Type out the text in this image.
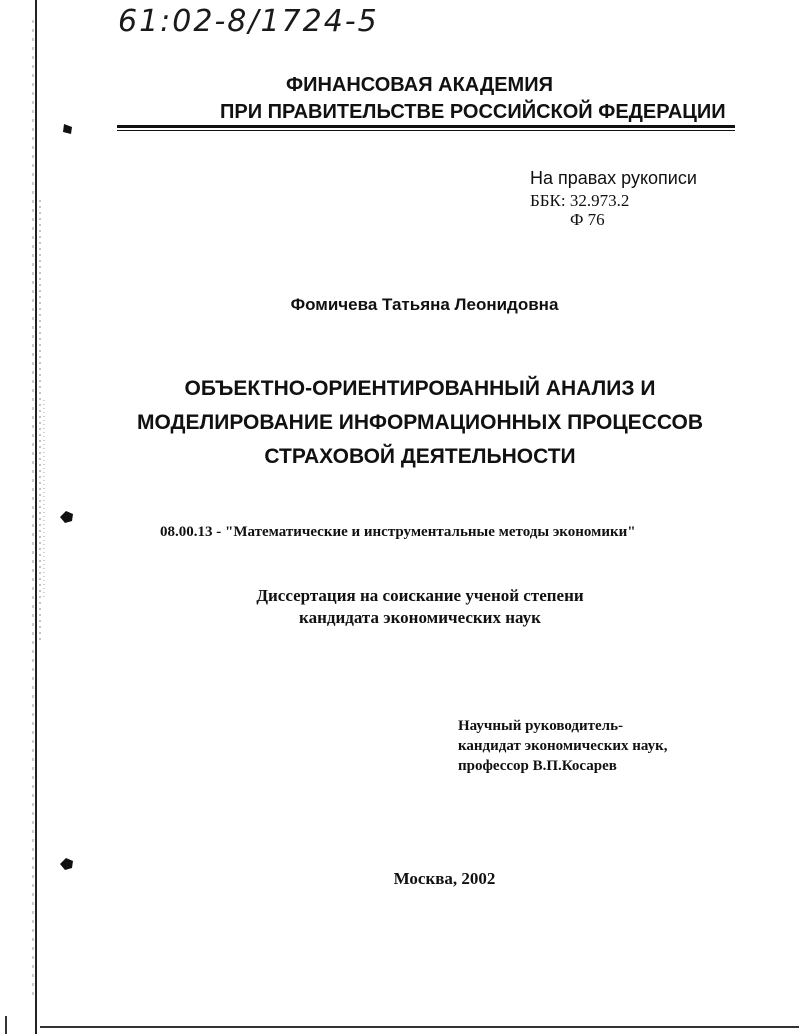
61:02-8/1724-5
ФИНАНСОВАЯ АКАДЕМИЯ
ПРИ ПРАВИТЕЛЬСТВЕ РОССИЙСКОЙ ФЕДЕРАЦИИ
На правах рукописи
ББК: 32.973.2
Ф 76
Фомичева Татьяна Леонидовна
ОБЪЕКТНО-ОРИЕНТИРОВАННЫЙ АНАЛИЗ И
МОДЕЛИРОВАНИЕ ИНФОРМАЦИОННЫХ ПРОЦЕССОВ
СТРАХОВОЙ ДЕЯТЕЛЬНОСТИ
08.00.13 - "Математические и инструментальные методы экономики"
Диссертация на соискание ученой степени
кандидата экономических наук
Научный руководитель-
кандидат экономических наук,
профессор В.П.Косарев
Москва, 2002
